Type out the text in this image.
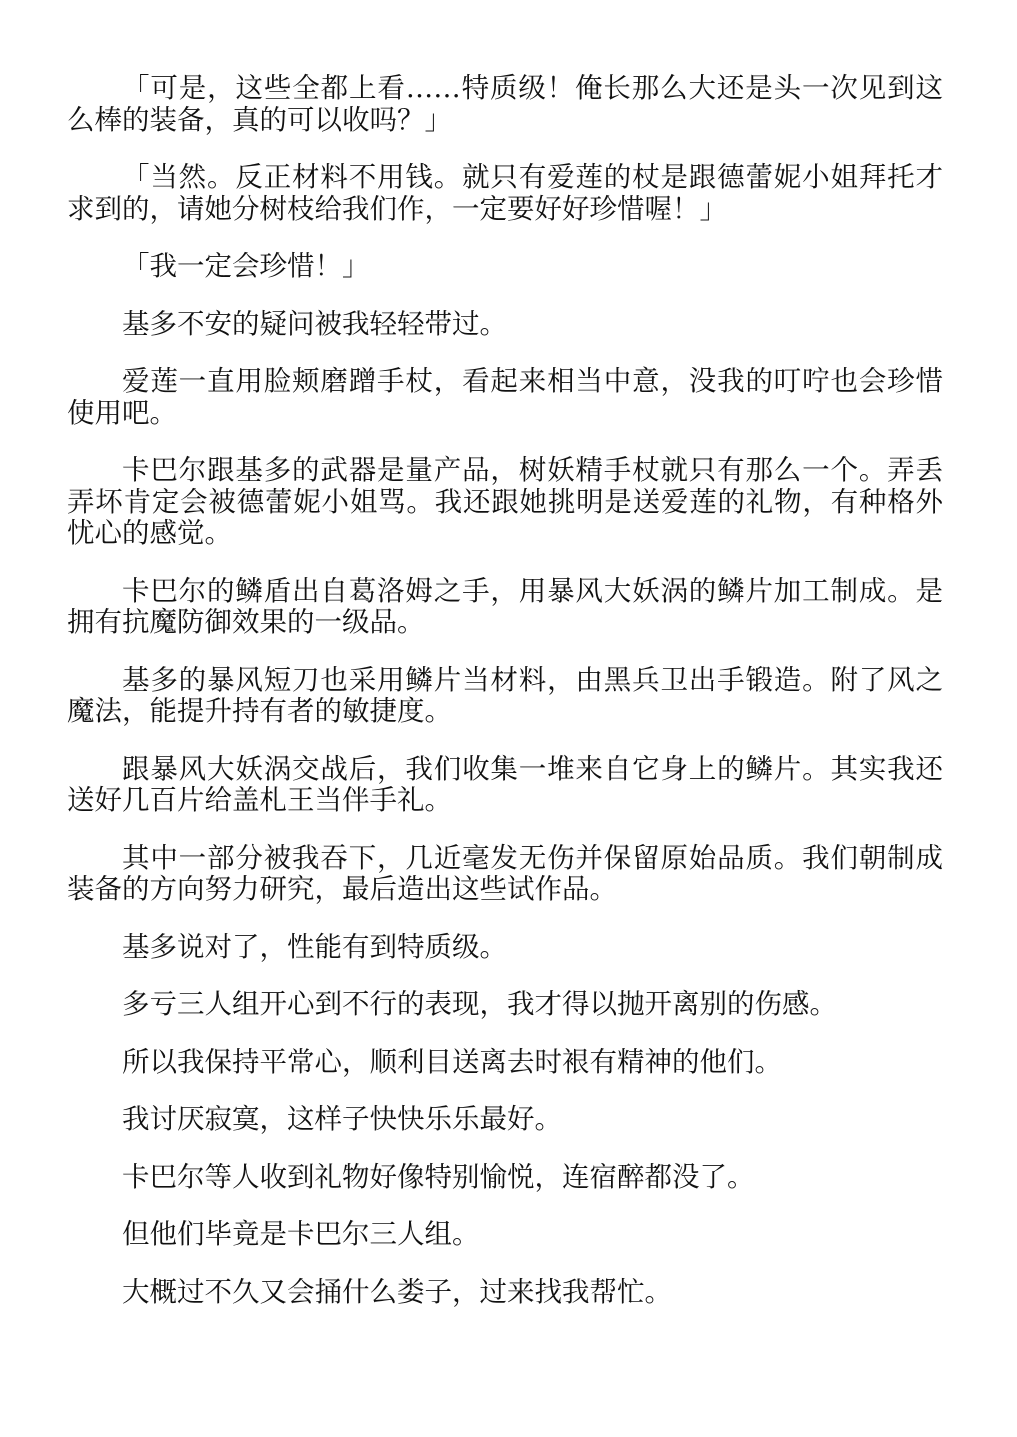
「可是，这些全都上看……特质级！俺长那么大还是头一次见到这么棒的装备，真的可以收吗？」

「当然。反正材料不用钱。就只有爱莲的杖是跟德蕾妮小姐拜托才求到的，请她分树枝给我们作，一定要好好珍惜喔！」

「我一定会珍惜！」

基多不安的疑问被我轻轻带过。

爱莲一直用脸颊磨蹭手杖，看起来相当中意，没我的叮咛也会珍惜使用吧。

卡巴尔跟基多的武器是量产品，树妖精手杖就只有那么一个。弄丢弄坏肯定会被德蕾妮小姐骂。我还跟她挑明是送爱莲的礼物，有种格外忧心的感觉。

卡巴尔的鳞盾出自葛洛姆之手，用暴风大妖涡的鳞片加工制成。是拥有抗魔防御效果的一级品。

基多的暴风短刀也采用鳞片当材料，由黑兵卫出手锻造。附了风之魔法，能提升持有者的敏捷度。

跟暴风大妖涡交战后，我们收集一堆来自它身上的鳞片。其实我还送好几百片给盖札王当伴手礼。

其中一部分被我吞下，几近毫发无伤并保留原始品质。我们朝制成装备的方向努力研究，最后造出这些试作品。

基多说对了，性能有到特质级。

多亏三人组开心到不行的表现，我才得以抛开离别的伤感。

所以我保持平常心，顺利目送离去时裉有精神的他们。

我讨厌寂寞，这样子快快乐乐最好。

卡巴尔等人收到礼物好像特别愉悦，连宿醉都没了。

但他们毕竟是卡巴尔三人组。

大概过不久又会捅什么娄子，过来找我帮忙。
